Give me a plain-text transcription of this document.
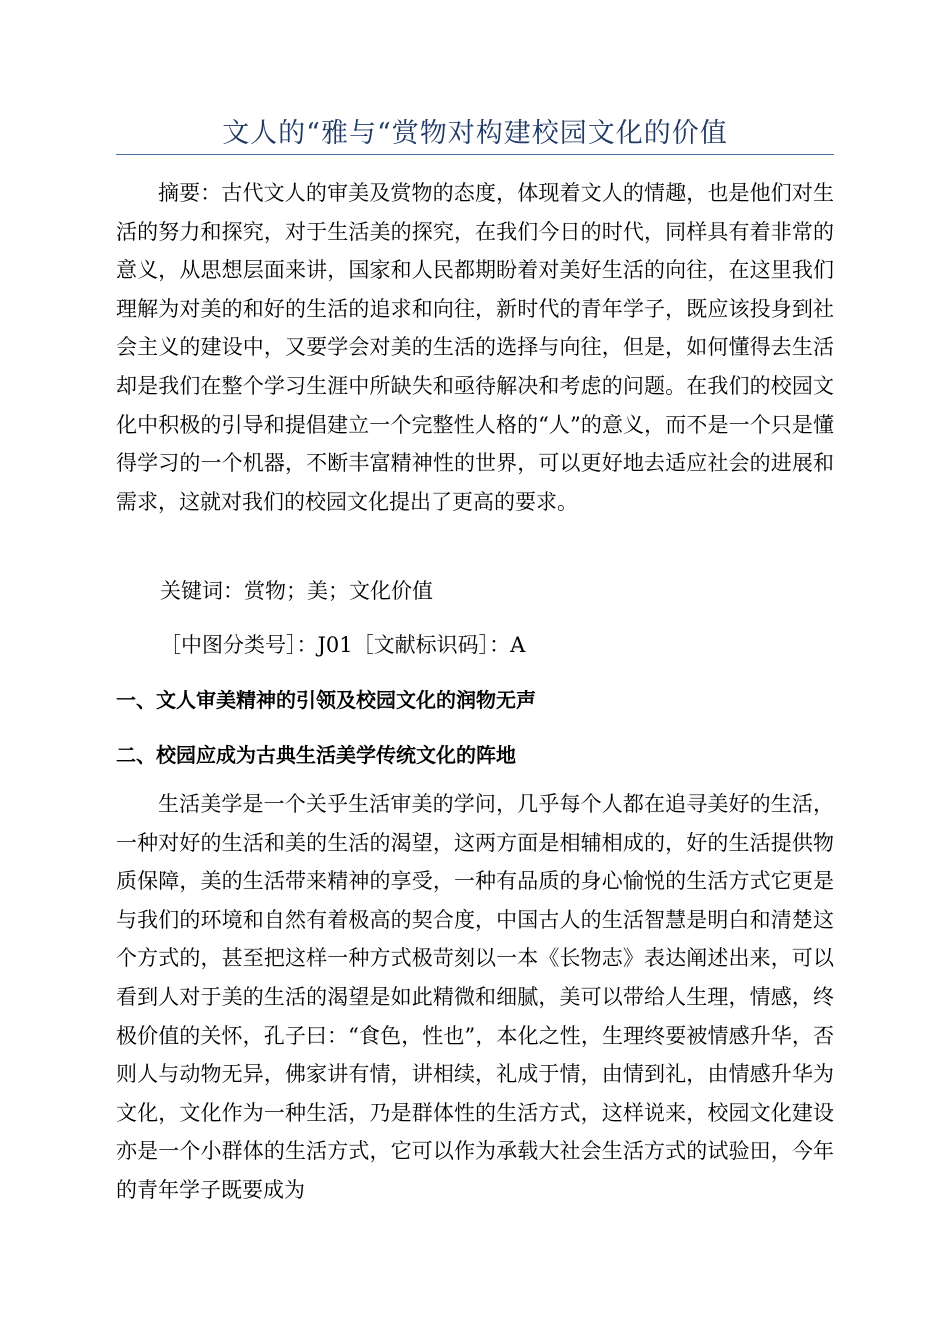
文人的“雅与“赏物对构建校园文化的价值

摘要：古代文人的审美及赏物的态度，体现着文人的情趣，也是他们对生活的努力和探究，对于生活美的探究，在我们今日的时代，同样具有着非常的意义，从思想层面来讲，国家和人民都期盼着对美好生活的向往，在这里我们理解为对美的和好的生活的追求和向往，新时代的青年学子，既应该投身到社会主义的建设中，又要学会对美的生活的选择与向往，但是，如何懂得去生活却是我们在整个学习生涯中所缺失和亟待解决和考虑的问题。在我们的校园文化中积极的引导和提倡建立一个完整性人格的“人”的意义，而不是一个只是懂得学习的一个机器，不断丰富精神性的世界，可以更好地去适应社会的进展和需求，这就对我们的校园文化提出了更高的要求。

关键词：赏物；美；文化价值
［中图分类号］：J01［文献标识码］：A
一、文人审美精神的引领及校园文化的润物无声
二、校园应成为古典生活美学传统文化的阵地

生活美学是一个关乎生活审美的学问，几乎每个人都在追寻美好的生活，一种对好的生活和美的生活的渴望，这两方面是相辅相成的，好的生活提供物质保障，美的生活带来精神的享受，一种有品质的身心愉悦的生活方式它更是与我们的环境和自然有着极高的契合度，中国古人的生活智慧是明白和清楚这个方式的，甚至把这样一种方式极苛刻以一本《长物志》表达阐述出来，可以看到人对于美的生活的渴望是如此精微和细腻，美可以带给人生理，情感，终极价值的关怀，孔子曰：“食色，性也”，本化之性，生理终要被情感升华，否则人与动物无异，佛家讲有情，讲相续，礼成于情，由情到礼，由情感升华为文化，文化作为一种生活，乃是群体性的生活方式，这样说来，校园文化建设亦是一个小群体的生活方式，它可以作为承载大社会生活方式的试验田，今年的青年学子既要成为
